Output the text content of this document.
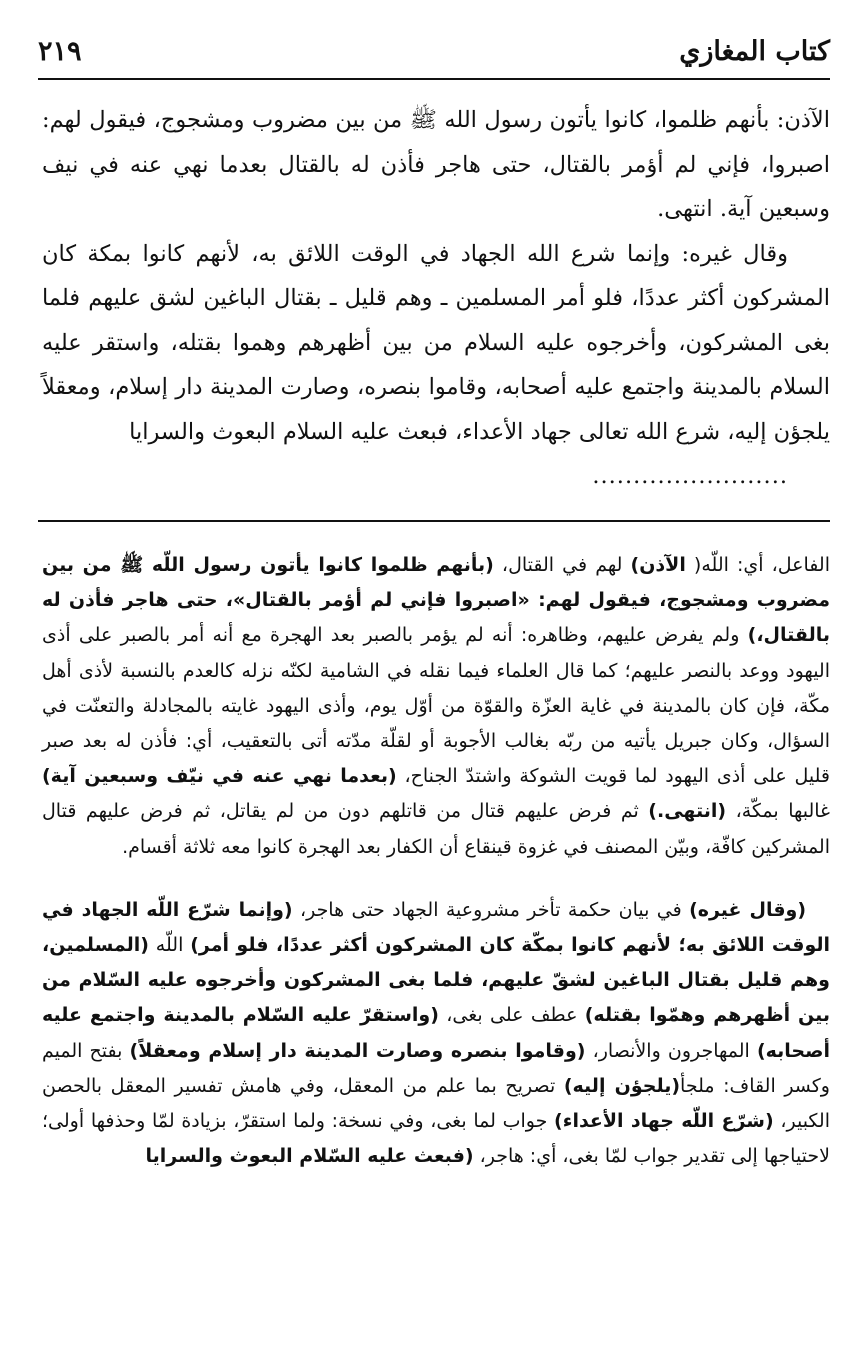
كتاب المغازي
٢١٩

الآذن: بأنهم ظلموا، كانوا يأتون رسول الله ﷺ من بين مضروب ومشجوج، فيقول لهم: اصبروا، فإني لم أؤمر بالقتال، حتى هاجر فأذن له بالقتال بعدما نهي عنه في نيف وسبعين آية. انتهى.

وقال غيره: وإنما شرع الله الجهاد في الوقت اللائق به، لأنهم كانوا بمكة كان المشركون أكثر عددًا، فلو أمر المسلمين ـ وهم قليل ـ بقتال الباغين لشق عليهم فلما بغى المشركون، وأخرجوه عليه السلام من بين أظهرهم وهموا بقتله، واستقر عليه السلام بالمدينة واجتمع عليه أصحابه، وقاموا بنصره، وصارت المدينة دار إسلام، ومعقلاً يلجؤن إليه، شرع الله تعالى جهاد الأعداء، فبعث عليه السلام البعوث والسرايا
........................

الفاعل، أي: اللّه( الآذن) لهم في القتال، (بأنهم ظلموا كانوا يأتون رسول اللّه ﷺ من بين مضروب ومشجوج، فيقول لهم: «اصبروا فإني لم أؤمر بالقتال»، حتى هاجر فأذن له بالقتال،) ولم يفرض عليهم، وظاهره: أنه لم يؤمر بالصبر بعد الهجرة مع أنه أمر بالصبر على أذى اليهود ووعد بالنصر عليهم؛ كما قال العلماء فيما نقله في الشامية لكنّه نزله كالعدم بالنسبة لأذى أهل مكّة، فإن كان بالمدينة في غاية العزّة والقوّة من أوّل يوم، وأذى اليهود غايته بالمجادلة والتعنّت في السؤال، وكان جبريل يأتيه من ربّه بغالب الأجوبة أو لقلّة مدّته أتى بالتعقيب، أي: فأذن له بعد صبر قليل على أذى اليهود لما قويت الشوكة واشتدّ الجناح، (بعدما نهي عنه في نيّف وسبعين آية) غالبها بمكّة، (انتهى.) ثم فرض عليهم قتال من قاتلهم دون من لم يقاتل، ثم فرض عليهم قتال المشركين كافّة، وبيّن المصنف في غزوة قينقاع أن الكفار بعد الهجرة كانوا معه ثلاثة أقسام.

(وقال غيره) في بيان حكمة تأخر مشروعية الجهاد حتى هاجر، (وإنما شرّع اللّه الجهاد في الوقت اللائق به؛ لأنهم كانوا بمكّة كان المشركون أكثر عددًا، فلو أمر) اللّه (المسلمين، وهم قليل بقتال الباغين لشقّ عليهم، فلما بغى المشركون وأخرجوه عليه السّلام من بين أظهرهم وهمّوا بقتله) عطف على بغى، (واستقرّ عليه السّلام بالمدينة واجتمع عليه أصحابه) المهاجرون والأنصار، (وقاموا بنصره وصارت المدينة دار إسلام ومعقلاً) بفتح الميم وكسر القاف: ملجأ(يلجؤن إليه) تصريح بما علم من المعقل، وفي هامش تفسير المعقل بالحصن الكبير، (شرّع اللّه جهاد الأعداء) جواب لما بغى، وفي نسخة: ولما استقرّ، بزيادة لمّا وحذفها أولى؛ لاحتياجها إلى تقدير جواب لمّا بغى، أي: هاجر، (فبعث عليه السّلام البعوث والسرايا
